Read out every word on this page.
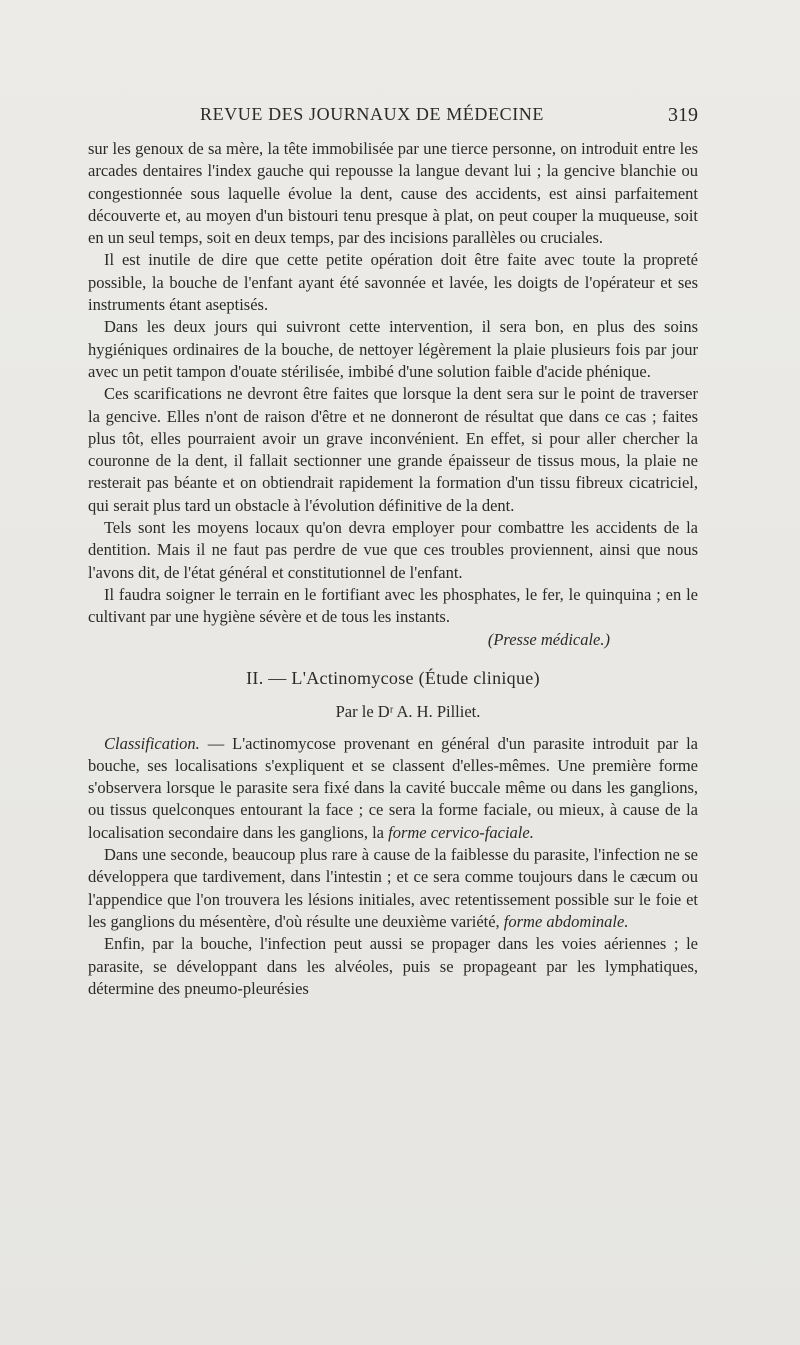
REVUE DES JOURNAUX DE MÉDECINE	319

sur les genoux de sa mère, la tête immobilisée par une tierce personne, on introduit entre les arcades dentaires l'index gauche qui repousse la langue devant lui ; la gencive blanchie ou congestionnée sous laquelle évolue la dent, cause des accidents, est ainsi parfaitement découverte et, au moyen d'un bistouri tenu presque à plat, on peut couper la muqueuse, soit en un seul temps, soit en deux temps, par des incisions parallèles ou cruciales.

Il est inutile de dire que cette petite opération doit être faite avec toute la propreté possible, la bouche de l'enfant ayant été savonnée et lavée, les doigts de l'opérateur et ses instruments étant aseptisés.

Dans les deux jours qui suivront cette intervention, il sera bon, en plus des soins hygiéniques ordinaires de la bouche, de nettoyer légèrement la plaie plusieurs fois par jour avec un petit tampon d'ouate stérilisée, imbibé d'une solution faible d'acide phénique.

Ces scarifications ne devront être faites que lorsque la dent sera sur le point de traverser la gencive. Elles n'ont de raison d'être et ne donneront de résultat que dans ce cas ; faites plus tôt, elles pourraient avoir un grave inconvénient. En effet, si pour aller chercher la couronne de la dent, il fallait sectionner une grande épaisseur de tissus mous, la plaie ne resterait pas béante et on obtiendrait rapidement la formation d'un tissu fibreux cicatriciel, qui serait plus tard un obstacle à l'évolution définitive de la dent.

Tels sont les moyens locaux qu'on devra employer pour combattre les accidents de la dentition. Mais il ne faut pas perdre de vue que ces troubles proviennent, ainsi que nous l'avons dit, de l'état général et constitutionnel de l'enfant.

Il faudra soigner le terrain en le fortifiant avec les phosphates, le fer, le quinquina ; en le cultivant par une hygiène sévère et de tous les instants.

(Presse médicale.)
II. — L'Actinomycose (Étude clinique)
Par le Dʳ A. H. Pilliet.

Classification. — L'actinomycose provenant en général d'un parasite introduit par la bouche, ses localisations s'expliquent et se classent d'elles-mêmes. Une première forme s'observera lorsque le parasite sera fixé dans la cavité buccale même ou dans les ganglions, ou tissus quelconques entourant la face ; ce sera la forme faciale, ou mieux, à cause de la localisation secondaire dans les ganglions, la forme cervico-faciale.

Dans une seconde, beaucoup plus rare à cause de la faiblesse du parasite, l'infection ne se développera que tardivement, dans l'intestin ; et ce sera comme toujours dans le cæcum ou l'appendice que l'on trouvera les lésions initiales, avec retentissement possible sur le foie et les ganglions du mésentère, d'où résulte une deuxième variété, forme abdominale.

Enfin, par la bouche, l'infection peut aussi se propager dans les voies aériennes ; le parasite, se développant dans les alvéoles, puis se propageant par les lymphatiques, détermine des pneumo-pleurésies
